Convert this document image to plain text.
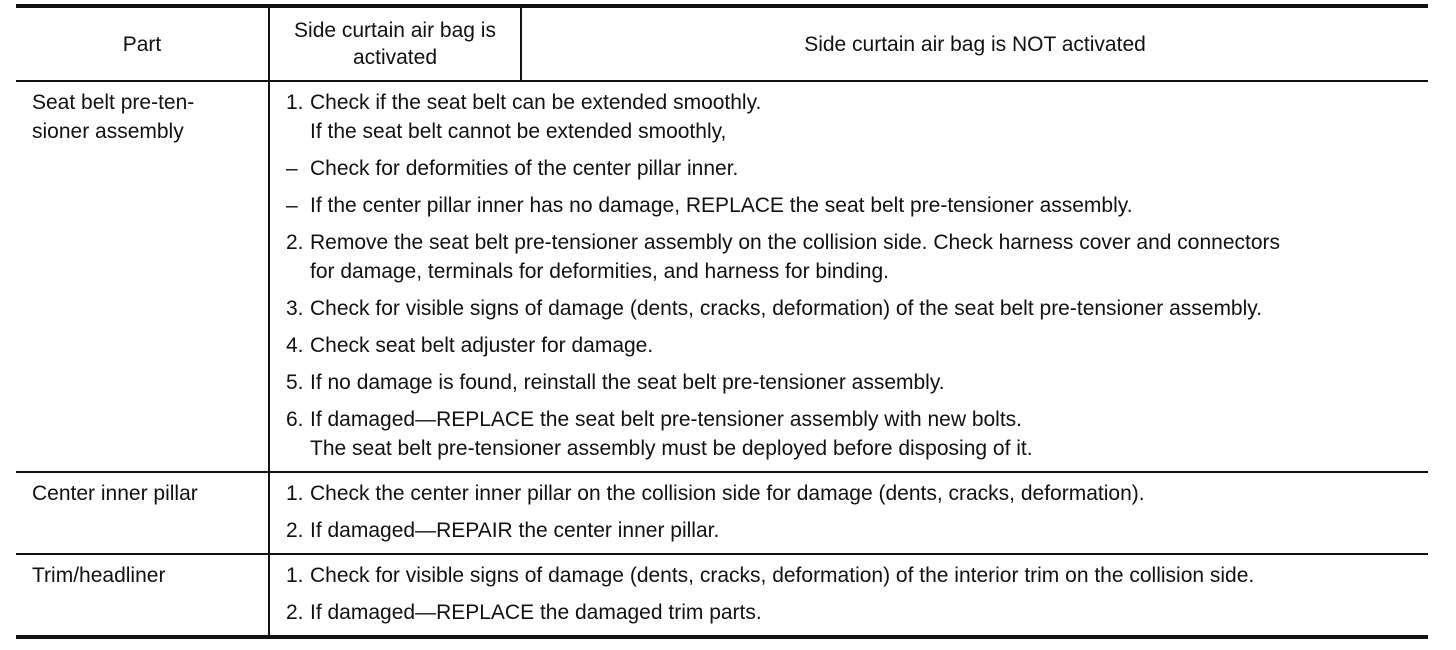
Part
Side curtain air bag is
activated
Side curtain air bag is NOT activated
Seat belt pre-ten-
sioner assembly
1. Check if the seat belt can be extended smoothly.
If the seat belt cannot be extended smoothly,
– Check for deformities of the center pillar inner.
– If the center pillar inner has no damage, REPLACE the seat belt pre-tensioner assembly.
2. Remove the seat belt pre-tensioner assembly on the collision side. Check harness cover and connectors
for damage, terminals for deformities, and harness for binding.
3. Check for visible signs of damage (dents, cracks, deformation) of the seat belt pre-tensioner assembly.
4. Check seat belt adjuster for damage.
5. If no damage is found, reinstall the seat belt pre-tensioner assembly.
6. If damaged—REPLACE the seat belt pre-tensioner assembly with new bolts.
The seat belt pre-tensioner assembly must be deployed before disposing of it.
Center inner pillar	1. Check the center inner pillar on the collision side for damage (dents, cracks, deformation).
2. If damaged—REPAIR the center inner pillar.
Trim/headliner	1. Check for visible signs of damage (dents, cracks, deformation) of the interior trim on the collision side.
2. If damaged—REPLACE the damaged trim parts.
